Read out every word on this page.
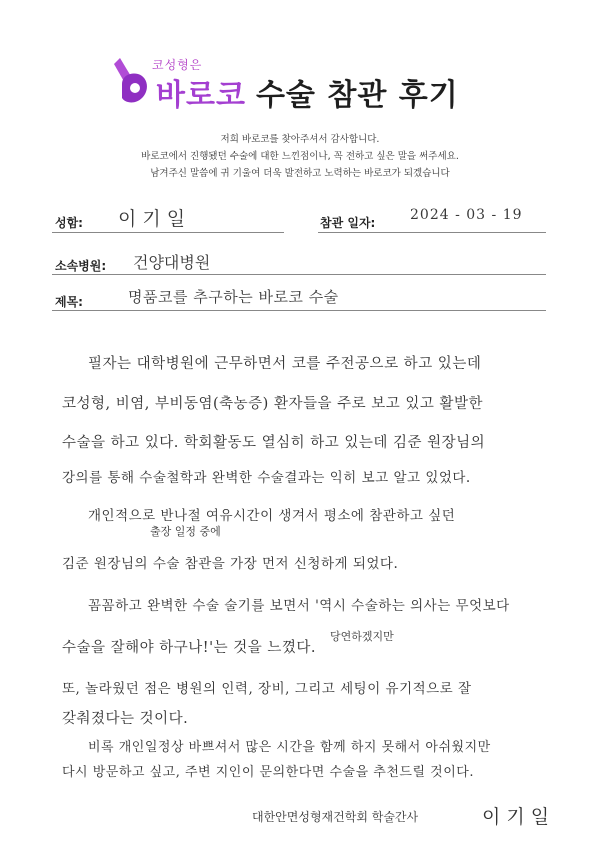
코성형은
바로코 수술 참관 후기
저희 바로코를 찾아주셔서 감사합니다.
바로코에서 진행됐던 수술에 대한 느낀점이나, 꼭 전하고 싶은 말을 써주세요.
남겨주신 말씀에 귀 기울여 더욱 발전하고 노력하는 바로코가 되겠습니다
성함: 이 기 일	참관 일자: 2024 - 03 - 19
소속병원: 건양대병원
제목:	명품코를 추구하는 바로코 수술
필자는 대학병원에 근무하면서 코를 주전공으로 하고 있는데
코성형, 비염, 부비동염(축농증) 환자들을 주로 보고 있고 활발한
수술을 하고 있다. 학회활동도 열심히 하고 있는데 김준 원장님의
강의를 통해 수술철학과 완벽한 수술결과는 익히 보고 알고 있었다.
개인적으로 반나절 여유시간이 생겨서 평소에 참관하고 싶던
출장 일정 중에
김준 원장님의 수술 참관을 가장 먼저 신청하게 되었다.
꼼꼼하고 완벽한 수술 술기를 보면서 '역시 수술하는 의사는 무엇보다
당연하겠지만
수술을 잘해야 하구나!'는 것을 느꼈다.
또, 놀라웠던 점은 병원의 인력, 장비, 그리고 세팅이 유기적으로 잘
갖춰졌다는 것이다.
비록 개인일정상 바쁘셔서 많은 시간을 함께 하지 못해서 아쉬웠지만
다시 방문하고 싶고, 주변 지인이 문의한다면 수술을 추천드릴 것이다.
대한안면성형재건학회 학술간사	이 기 일
